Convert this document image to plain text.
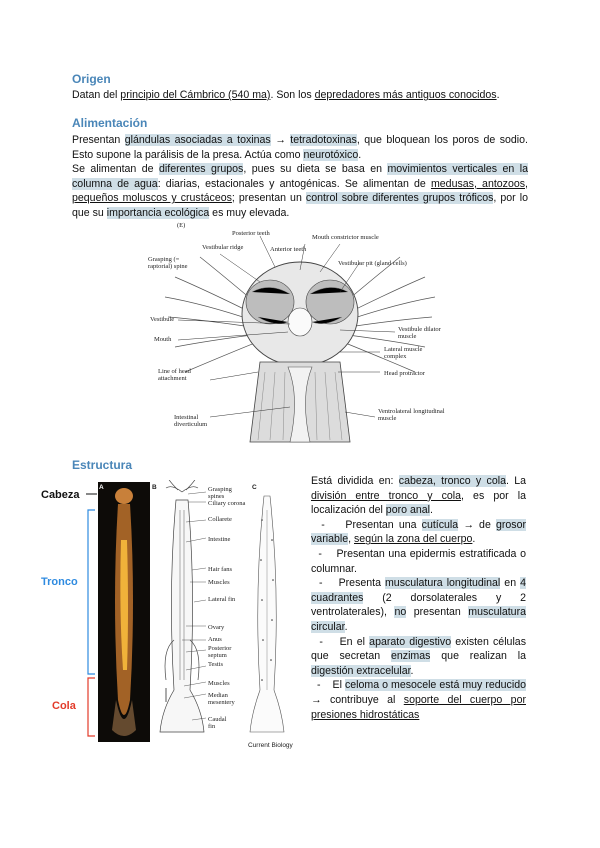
Origen
Datan del principio del Cámbrico (540 ma). Son los depredadores más antiguos conocidos.
Alimentación
Presentan glándulas asociadas a toxinas → tetradotoxinas, que bloquean los poros de sodio. Esto supone la parálisis de la presa. Actúa como neurotóxico.
Se alimentan de diferentes grupos, pues su dieta se basa en movimientos verticales en la columna de agua: diarias, estacionales y antogénicas. Se alimentan de medusas, antozoos, pequeños moluscos y crustáceos; presentan un control sobre diferentes grupos tróficos, por lo que su importancia ecológica es muy elevada.
(E)
Posterior teeth
Vestibular ridge	Anterior teeth
Mouth constrictor muscle
Grasping (= raptorial) spine	Vestibular pit (gland cells)
Vestibule
Mouth
Vestibule dilator muscle
Lateral muscle complex
Head protractor
Line of head attachment
Ventrolateral longitudinal muscle
Intestinal diverticulum
Estructura
Cabeza
Tronco
Cola
A	B	C
Grasping spines
Ciliary corona
Collarete
Intestine
Hair fans
Muscles
Lateral fin
Ovary
Anus
Posterior septum
Testis
Muscles
Median mesentery
Caudal fin
Current Biology
Está dividida en: cabeza, tronco y cola. La división entre tronco y cola, es por la localización del poro anal.
- Presentan una cutícula → de grosor variable, según la zona del cuerpo.
- Presentan una epidermis estratificada o columnar.
- Presenta musculatura longitudinal en 4 cuadrantes (2 dorsolaterales y 2 ventrolaterales), no presentan musculatura circular.
- En el aparato digestivo existen células que secretan enzimas que realizan la digestión extracelular.
- El celoma o mesocele está muy reducido → contribuye al soporte del cuerpo por presiones hidrostáticas
